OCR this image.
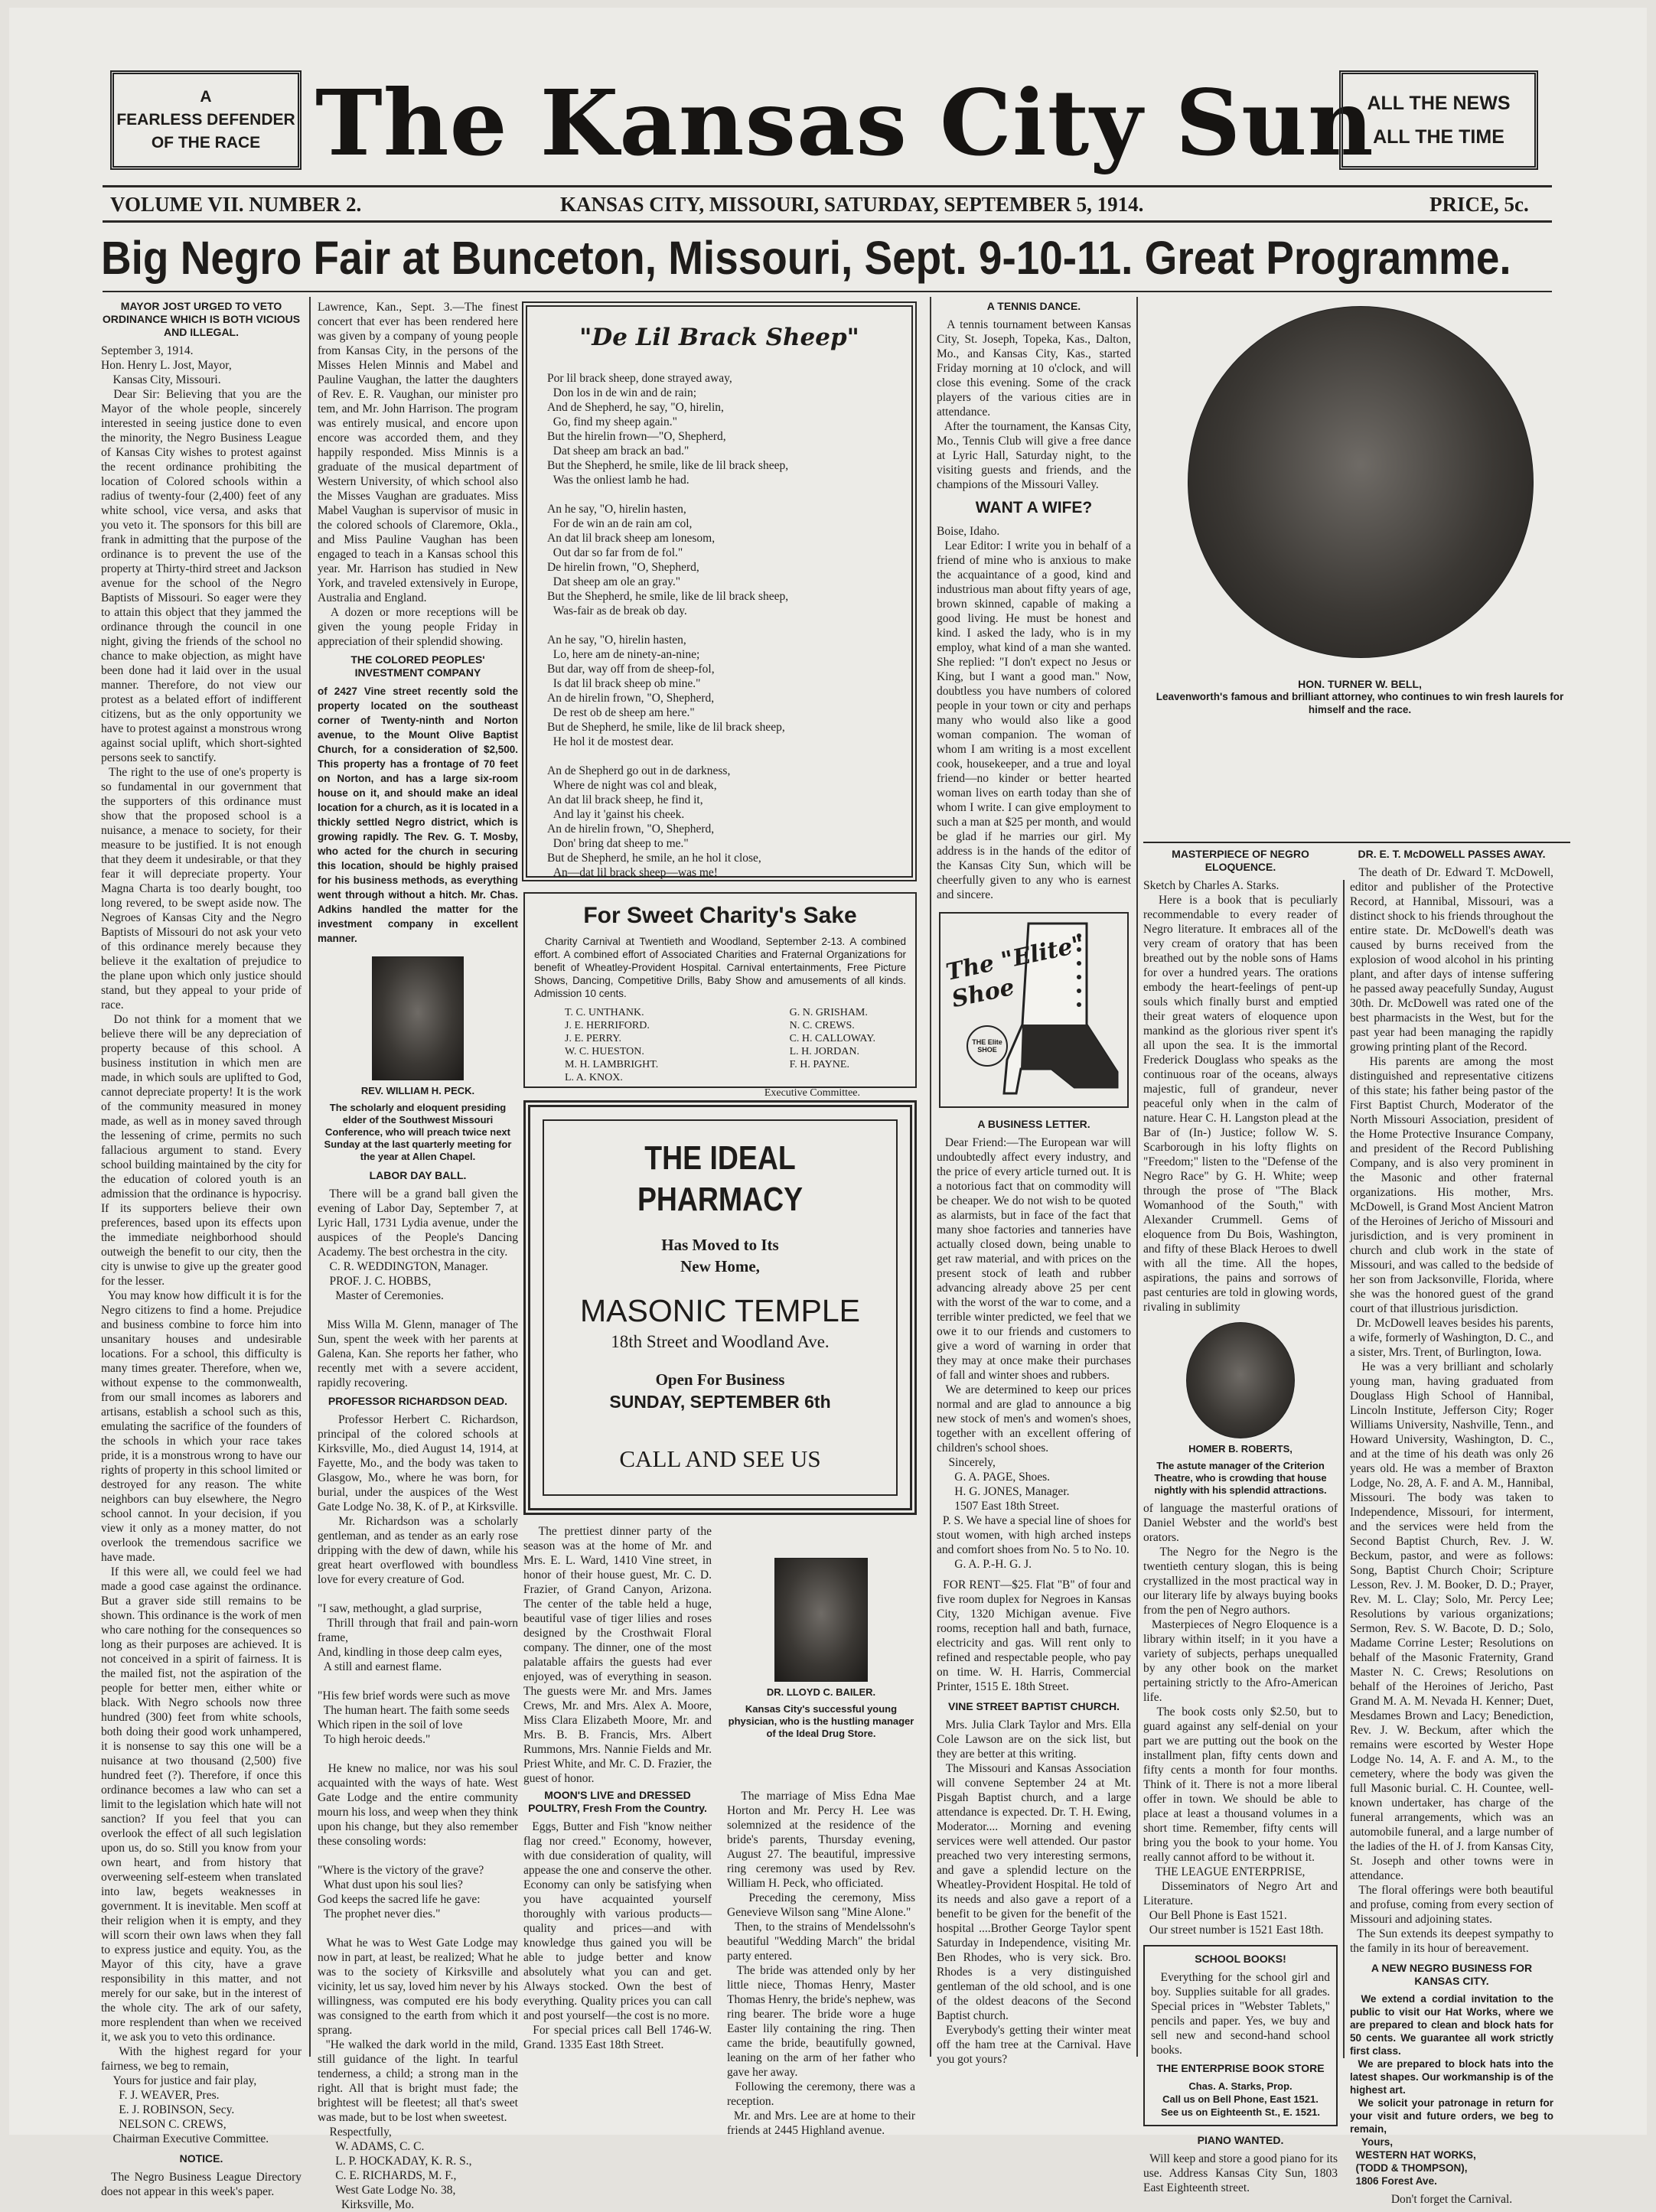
A
FEARLESS DEFENDER
OF THE RACE The Kansas City Sun
ALL THE NEWS
ALL THE TIME
VOLUME VII. NUMBER 2.	KANSAS CITY, MISSOURI, SATURDAY, SEPTEMBER 5, 1914.	PRICE, 5c.
Big Negro Fair at Bunceton, Missouri, Sept. 9-10-11. Great Programme.
MAYOR JOST URGED TO VETO ORDINANCE WHICH IS BOTH VICIOUS AND ILLEGAL.

September 3, 1914.
Hon. Henry L. Jost, Mayor,
Kansas City, Missouri.
Dear Sir: Believing that you are the Mayor of the whole people, sincerely interested in seeing justice done to even the minority, the Negro Business League of Kansas City wishes to protest against the recent ordinance prohibiting the location of Colored schools within a radius of twenty-four (2,400) feet of any white school, vice versa, and asks that you veto it. The sponsors for this bill are frank in admitting that the purpose of the ordinance is to prevent the use of the property at Thirty-third street and Jackson avenue for the school of the Negro Baptists of Missouri. So eager were they to attain this object that they jammed the ordinance through the council in one night, giving the friends of the school no chance to make objection, as might have been done had it laid over in the usual manner. Therefore, do not view our protest as a belated effort of indifferent citizens, but as the only opportunity we have to protest against a monstrous wrong against social uplift, which short-sighted persons seek to sanctify.
The right to the use of one's property is so fundamental in our government that the supporters of this ordinance must show that the proposed school is a nuisance, a menace to society, for their measure to be justified. It is not enough that they deem it undesirable, or that they fear it will depreciate property. Your Magna Charta is too dearly bought, too long revered, to be swept aside now. The Negroes of Kansas City and the Negro Baptists of Missouri do not ask your veto of this ordinance merely because they believe it the exaltation of prejudice to the plane upon which only justice should stand, but they appeal to your pride of race.
Do not think for a moment that we believe there will be any depreciation of property because of this school. A business institution in which men are made, in which souls are uplifted to God, cannot depreciate property! It is the work of the community measured in money made, as well as in money saved through the lessening of crime, permits no such fallacious argument to stand. Every school building maintained by the city for the education of colored youth is an admission that the ordinance is hypocrisy. If its supporters believe their own preferences, based upon its effects upon the immediate neighborhood should outweigh the benefit to our city, then the city is unwise to give up the greater good for the lesser.
You may know how difficult it is for the Negro citizens to find a home. Prejudice and business combine to force him into unsanitary houses and undesirable locations. For a school, this difficulty is many times greater. Therefore, when we, without expense to the commonwealth, from our small incomes as laborers and artisans, establish a school such as this, emulating the sacrifice of the founders of the schools in which your race takes pride, it is a monstrous wrong to have our rights of property in this school limited or destroyed for any reason. The white neighbors can buy elsewhere, the Negro school cannot. In your decision, if you view it only as a money matter, do not overlook the tremendous sacrifice we have made.
If this were all, we could feel we had made a good case against the ordinance. But a graver side still remains to be shown. This ordinance is the work of men who care nothing for the consequences so long as their purposes are achieved. It is not conceived in a spirit of fairness. It is the mailed fist, not the aspiration of the people for better men, either white or black. With Negro schools now three hundred (300) feet from white schools, both doing their good work unhampered, it is nonsense to say this one will be a nuisance at two thousand (2,500) five hundred feet (?). Therefore, if once this ordinance becomes a law who can set a limit to the legislation which hate will not sanction? If you feel that you can overlook the effect of all such legislation upon us, do so. Still you know from your own heart, and from history that overweening self-esteem when translated into law, begets weaknesses in government. It is inevitable. Men scoff at their religion when it is empty, and they will scorn their own laws when they fall to express justice and equity. You, as the Mayor of this city, have a grave responsibility in this matter, and not merely for our sake, but in the interest of the whole city. The ark of our safety, more resplendent than when we received it, we ask you to veto this ordinance.
With the highest regard for your fairness, we beg to remain,
Yours for justice and fair play,
F. J. WEAVER, Pres.
E. J. ROBINSON, Secy.
NELSON C. CREWS,
Chairman Executive Committee.

NOTICE.

The Negro Business League Directory does not appear in this week's paper.

Lawrence, Kan., Sept. 3.—The finest concert that ever has been rendered here was given by a company of young people from Kansas City, in the persons of the Misses Helen Minnis and Mabel and Pauline Vaughan, the latter the daughters of Rev. E. R. Vaughan, our minister pro tem, and Mr. John Harrison. The program was entirely musical, and encore upon encore was accorded them, and they happily responded. Miss Minnis is a graduate of the musical department of Western University, of which school also the Misses Vaughan are graduates. Miss Mabel Vaughan is supervisor of music in the colored schools of Claremore, Okla., and Miss Pauline Vaughan has been engaged to teach in a Kansas school this year. Mr. Harrison has studied in New York, and traveled extensively in Europe, Australia and England.
A dozen or more receptions will be given the young people Friday in appreciation of their splendid showing.

THE COLORED PEOPLES' INVESTMENT COMPANY

of 2427 Vine street recently sold the property located on the southeast corner of Twenty-ninth and Norton avenue, to the Mount Olive Baptist Church, for a consideration of $2,500. This property has a frontage of 70 feet on Norton, and has a large six-room house on it, and should make an ideal location for a church, as it is located in a thickly settled Negro district, which is growing rapidly. The Rev. G. T. Mosby, who acted for the church in securing this location, should be highly praised for his business methods, as everything went through without a hitch. Mr. Chas. Adkins handled the matter for the investment company in excellent manner.

REV. WILLIAM H. PECK.

The scholarly and eloquent presiding elder of the Southwest Missouri Conference, who will preach twice next Sunday at the last quarterly meeting for the year at Allen Chapel.

LABOR DAY BALL.

There will be a grand ball given the evening of Labor Day, September 7, at Lyric Hall, 1731 Lydia avenue, under the auspices of the People's Dancing Academy. The best orchestra in the city.
C. R. WEDDINGTON, Manager.
PROF. J. C. HOBBS,
Master of Ceremonies.

Miss Willa M. Glenn, manager of The Sun, spent the week with her parents at Galena, Kan. She reports her father, who recently met with a severe accident, rapidly recovering.

PROFESSOR RICHARDSON DEAD.

Professor Herbert C. Richardson, principal of the colored schools at Kirksville, Mo., died August 14, 1914, at Fayette, Mo., and the body was taken to Glasgow, Mo., where he was born, for burial, under the auspices of the West Gate Lodge No. 38, K. of P., at Kirksville.
Mr. Richardson was a scholarly gentleman, and as tender as an early rose dripping with the dew of dawn, while his great heart overflowed with boundless love for every creature of God.

"I saw, methought, a glad surprise,
Thrill through that frail and pain-worn frame,
And, kindling in those deep calm eyes,
A still and earnest flame.

"His few brief words were such as move
The human heart. The faith some seeds
Which ripen in the soil of love
To high heroic deeds."

He knew no malice, nor was his soul acquainted with the ways of hate. West Gate Lodge and the entire community mourn his loss, and weep when they think upon his change, but they also remember these consoling words:

"Where is the victory of the grave?
What dust upon his soul lies?
God keeps the sacred life he gave:
The prophet never dies."

What he was to West Gate Lodge may now in part, at least, be realized; What he was to the society of Kirksville and vicinity, let us say, loved him never by his willingness, was computed ere his body was consigned to the earth from which it sprang.
"He walked the dark world in the mild, still guidance of the light. In tearful tenderness, a child; a strong man in the right. All that is bright must fade; the brightest will be fleetest; all that's sweet was made, but to be lost when sweetest.
Respectfully,
W. ADAMS, C. C.
L. P. HOCKADAY, K. R. S.,
C. E. RICHARDS, M. F.,
West Gate Lodge No. 38,
Kirksville, Mo.

"De Lil Brack Sheep"

Por lil brack sheep, done strayed away,
Don los in de win and de rain;
And de Shepherd, he say, "O, hirelin,
Go, find my sheep again."
But the hirelin frown—"O, Shepherd,
Dat sheep am brack an bad."
But the Shepherd, he smile, like de lil brack sheep,
Was the onliest lamb he had.

An he say, "O, hirelin hasten,
For de win an de rain am col,
An dat lil brack sheep am lonesom,
Out dar so far from de fol."
De hirelin frown, "O, Shepherd,
Dat sheep am ole an gray."
But the Shepherd, he smile, like de lil brack sheep,
Was-fair as de break ob day.

An he say, "O, hirelin hasten,
Lo, here am de ninety-an-nine;
But dar, way off from de sheep-fol,
Is dat lil brack sheep ob mine."
An de hirelin frown, "O, Shepherd,
De rest ob de sheep am here."
But de Shepherd, he smile, like de lil brack sheep,
He hol it de mostest dear.

An de Shepherd go out in de darkness,
Where de night was col and bleak,
An dat lil brack sheep, he find it,
And lay it 'gainst his cheek.
An de hirelin frown, "O, Shepherd,
Don' bring dat sheep to me."
But de Shepherd, he smile, an he hol it close,
An—dat lil brack sheep—was me!

For Sweet Charity's Sake

Charity Carnival at Twentieth and Woodland, September 2-13. A combined effort. A combined effort of Associated Charities and Fraternal Organizations for benefit of Wheatley-Provident Hospital. Carnival entertainments, Free Picture Shows, Dancing, Competitive Drills, Baby Show and amusements of all kinds. Admission 10 cents.

T. C. UNTHANK.
J. E. HERRIFORD.
J. E. PERRY.
W. C. HUESTON.
M. H. LAMBRIGHT.
L. A. KNOX.
G. N. GRISHAM.
N. C. CREWS.
C. H. CALLOWAY.
L. H. JORDAN.
F. H. PAYNE.
Executive Committee.
THE IDEAL PHARMACY
Has Moved to Its
New Home,
MASONIC TEMPLE
18th Street and Woodland Ave.
Open For Business
SUNDAY, SEPTEMBER 6th
CALL AND SEE US

The prettiest dinner party of the season was at the home of Mr. and Mrs. E. L. Ward, 1410 Vine street, in honor of their house guest, Mr. C. D. Frazier, of Grand Canyon, Arizona. The center of the table held a huge, beautiful vase of tiger lilies and roses designed by the Crosthwait Floral company. The dinner, one of the most palatable affairs the guests had ever enjoyed, was of everything in season. The guests were Mr. and Mrs. James Crews, Mr. and Mrs. Alex A. Moore, Miss Clara Elizabeth Moore, Mr. and Mrs. B. B. Francis, Mrs. Albert Rummons, Mrs. Nannie Fields and Mr. Priest White, and Mr. C. D. Frazier, the guest of honor.

DR. LLOYD C. BAILER.

Kansas City's successful young physician, who is the hustling manager of the Ideal Drug Store.

MOON'S LIVE and DRESSED POULTRY, Fresh From the Country.

Eggs, Butter and Fish "know neither flag nor creed." Economy, however, with due consideration of quality, will appease the one and conserve the other. Economy can only be satisfying when you have acquainted yourself thoroughly with various products—quality and prices—and with knowledge thus gained you will be able to judge better and know absolutely what you can and get. Always stocked. Own the best of everything. Quality prices you can call and post yourself—the cost is no more.
For special prices call Bell 1746-W. Grand. 1335 East 18th Street.

The marriage of Miss Edna Mae Horton and Mr. Percy H. Lee was solemnized at the residence of the bride's parents, Thursday evening, August 27. The beautiful, impressive ring ceremony was used by Rev. William H. Peck, who officiated.
Preceding the ceremony, Miss Genevieve Wilson sang "Mine Alone."
Then, to the strains of Mendelssohn's beautiful "Wedding March" the bridal party entered.
The bride was attended only by her little niece, Thomas Henry, Master Thomas Henry, the bride's nephew, was ring bearer. The bride wore a huge Easter lily containing the ring. Then came the bride, beautifully gowned, leaning on the arm of her father who gave her away.
Following the ceremony, there was a reception.
Mr. and Mrs. Lee are at home to their friends at 2445 Highland avenue.

A TENNIS DANCE.

A tennis tournament between Kansas City, St. Joseph, Topeka, Kas., Dalton, Mo., and Kansas City, Kas., started Friday morning at 10 o'clock, and will close this evening. Some of the crack players of the various cities are in attendance.
After the tournament, the Kansas City, Mo., Tennis Club will give a free dance at Lyric Hall, Saturday night, to the visiting guests and friends, and the champions of the Missouri Valley.

WANT A WIFE?

Boise, Idaho.
Lear Editor: I write you in behalf of a friend of mine who is anxious to make the acquaintance of a good, kind and industrious man about fifty years of age, brown skinned, capable of making a good living. He must be honest and kind. I asked the lady, who is in my employ, what kind of a man she wanted. She replied: "I don't expect no Jesus or King, but I want a good man." Now, doubtless you have numbers of colored people in your town or city and perhaps many who would also like a good woman companion. The woman of whom I am writing is a most excellent cook, housekeeper, and a true and loyal friend—no kinder or better hearted woman lives on earth today than she of whom I write. I can give employment to such a man at $25 per month, and would be glad if he marries our girl. My address is in the hands of the editor of the Kansas City Sun, which will be cheerfully given to any who is earnest and sincere.

The "Elite" Shoe
THE Elite SHOE
A BUSINESS LETTER.

Dear Friend:—The European war will undoubtedly affect every industry, and the price of every article turned out. It is a notorious fact that on commodity will be cheaper. We do not wish to be quoted as alarmists, but in face of the fact that many shoe factories and tanneries have actually closed down, being unable to get raw material, and with prices on the present stock of leath and rubber advancing already above 25 per cent with the worst of the war to come, and a terrible winter predicted, we feel that we owe it to our friends and customers to give a word of warning in order that they may at once make their purchases of fall and winter shoes and rubbers.
We are determined to keep our prices normal and are glad to announce a big new stock of men's and women's shoes, together with an excellent offering of children's school shoes.
Sincerely,
G. A. PAGE, Shoes.
H. G. JONES, Manager.
1507 East 18th Street.
P. S. We have a special line of shoes for stout women, with high arched insteps and comfort shoes from No. 5 to No. 10.
G. A. P.-H. G. J.

FOR RENT—$25. Flat "B" of four and five room duplex for Negroes in Kansas City, 1320 Michigan avenue. Five rooms, reception hall and bath, furnace, electricity and gas. Will rent only to refined and respectable people, who pay on time. W. H. Harris, Commercial Printer, 1515 E. 18th Street.

VINE STREET BAPTIST CHURCH.

Mrs. Julia Clark Taylor and Mrs. Ella Cole Lawson are on the sick list, but they are better at this writing.
The Missouri and Kansas Association will convene September 24 at Mt. Pisgah Baptist church, and a large attendance is expected. Dr. T. H. Ewing, Moderator.... Morning and evening services were well attended. Our pastor preached two very interesting sermons, and gave a splendid lecture on the Wheatley-Provident Hospital. He told of its needs and also gave a report of a benefit to be given for the benefit of the hospital ....Brother George Taylor spent Saturday in Independence, visiting Mr. Ben Rhodes, who is very sick. Bro. Rhodes is a very distinguished gentleman of the old school, and is one of the oldest deacons of the Second Baptist church.
Everybody's getting their winter meat off the ham tree at the Carnival. Have you got yours?

HON. TURNER W. BELL,

Leavenworth's famous and brilliant attorney, who continues to win fresh laurels for himself and the race.

MASTERPIECE OF NEGRO ELOQUENCE.

Sketch by Charles A. Starks.
Here is a book that is peculiarly recommendable to every reader of Negro literature. It embraces all of the very cream of oratory that has been breathed out by the noble sons of Hams for over a hundred years. The orations embody the heart-feelings of pent-up souls which finally burst and emptied their great waters of eloquence upon mankind as the glorious river spent it's all upon the sea. It is the immortal Frederick Douglass who speaks as the continuous roar of the oceans, always majestic, full of grandeur, never peaceful only when in the calm of nature. Hear C. H. Langston plead at the Bar of (In-) Justice; follow W. S. Scarborough in his lofty flights on "Freedom;" listen to the "Defense of the Negro Race" by G. H. White; weep through the prose of "The Black Womanhood of the South," with Alexander Crummell. Gems of eloquence from Du Bois, Washington, and fifty of these Black Heroes to dwell with all the time. All the hopes, aspirations, the pains and sorrows of past centuries are told in glowing words, rivaling in sublimity

HOMER B. ROBERTS,

The astute manager of the Criterion Theatre, who is crowding that house nightly with his splendid attractions.

of language the masterful orations of Daniel Webster and the world's best orators.
The Negro for the Negro is the twentieth century slogan, this is being crystallized in the most practical way in our literary life by always buying books from the pen of Negro authors.
Masterpieces of Negro Eloquence is a library within itself; in it you have a variety of subjects, perhaps unequalled by any other book on the market pertaining strictly to the Afro-American life.
The book costs only $2.50, but to guard against any self-denial on your part we are putting out the book on the installment plan, fifty cents down and fifty cents a month for four months. Think of it. There is not a more liberal offer in town. We should be able to place at least a thousand volumes in a short time. Remember, fifty cents will bring you the book to your home. You really cannot afford to be without it.
THE LEAGUE ENTERPRISE,
Disseminators of Negro Art and Literature.
Our Bell Phone is East 1521.
Our street number is 1521 East 18th.

SCHOOL BOOKS!

Everything for the school girl and boy. Supplies suitable for all grades. Special prices in "Webster Tablets," pencils and paper. Yes, we buy and sell new and second-hand school books.

THE ENTERPRISE BOOK STORE

Chas. A. Starks, Prop.
Call us on Bell Phone, East 1521.
See us on Eighteenth St., E. 1521.

PIANO WANTED.

Will keep and store a good piano for its use. Address Kansas City Sun, 1803 East Eighteenth street.

DR. E. T. McDOWELL PASSES AWAY.

The death of Dr. Edward T. McDowell, editor and publisher of the Protective Record, at Hannibal, Missouri, was a distinct shock to his friends throughout the entire state. Dr. McDowell's death was caused by burns received from the explosion of wood alcohol in his printing plant, and after days of intense suffering he passed away peacefully Sunday, August 30th. Dr. McDowell was rated one of the best pharmacists in the West, but for the past year had been managing the rapidly growing printing plant of the Record.
His parents are among the most distinguished and representative citizens of this state; his father being pastor of the First Baptist Church, Moderator of the North Missouri Association, president of the Home Protective Insurance Company, and president of the Record Publishing Company, and is also very prominent in the Masonic and other fraternal organizations. His mother, Mrs. McDowell, is Grand Most Ancient Matron of the Heroines of Jericho of Missouri and jurisdiction, and is very prominent in church and club work in the state of Missouri, and was called to the bedside of her son from Jacksonville, Florida, where she was the honored guest of the grand court of that illustrious jurisdiction.
Dr. McDowell leaves besides his parents, a wife, formerly of Washington, D. C., and a sister, Mrs. Trent, of Burlington, Iowa.
He was a very brilliant and scholarly young man, having graduated from Douglass High School of Hannibal, Lincoln Institute, Jefferson City; Roger Williams University, Nashville, Tenn., and Howard University, Washington, D. C., and at the time of his death was only 26 years old. He was a member of Braxton Lodge, No. 28, A. F. and A. M., Hannibal, Missouri. The body was taken to Independence, Missouri, for interment, and the services were held from the Second Baptist Church, Rev. J. W. Beckum, pastor, and were as follows: Song, Baptist Church Choir; Scripture Lesson, Rev. J. M. Booker, D. D.; Prayer, Rev. M. L. Clay; Solo, Mr. Percy Lee; Resolutions by various organizations; Sermon, Rev. S. W. Bacote, D. D.; Solo, Madame Corrine Lester; Resolutions on behalf of the Masonic Fraternity, Grand Master N. C. Crews; Resolutions on behalf of the Heroines of Jericho, Past Grand M. A. M. Nevada H. Kenner; Duet, Mesdames Brown and Lacy; Benediction, Rev. J. W. Beckum, after which the remains were escorted by Wester Hope Lodge No. 14, A. F. and A. M., to the cemetery, where the body was given the full Masonic burial. C. H. Countee, well-known undertaker, has charge of the funeral arrangements, which was an automobile funeral, and a large number of the ladies of the H. of J. from Kansas City, St. Joseph and other towns were in attendance.
The floral offerings were both beautiful and profuse, coming from every section of Missouri and adjoining states.
The Sun extends its deepest sympathy to the family in its hour of bereavement.

A NEW NEGRO BUSINESS FOR KANSAS CITY.

We extend a cordial invitation to the public to visit our Hat Works, where we are prepared to clean and block hats for 50 cents. We guarantee all work strictly first class.
We are prepared to block hats into the latest shapes. Our workmanship is of the highest art.
We solicit your patronage in return for your visit and future orders, we beg to remain,
Yours,
WESTERN HAT WORKS,
(TODD & THOMPSON),
1806 Forest Ave.

Don't forget the Carnival.
